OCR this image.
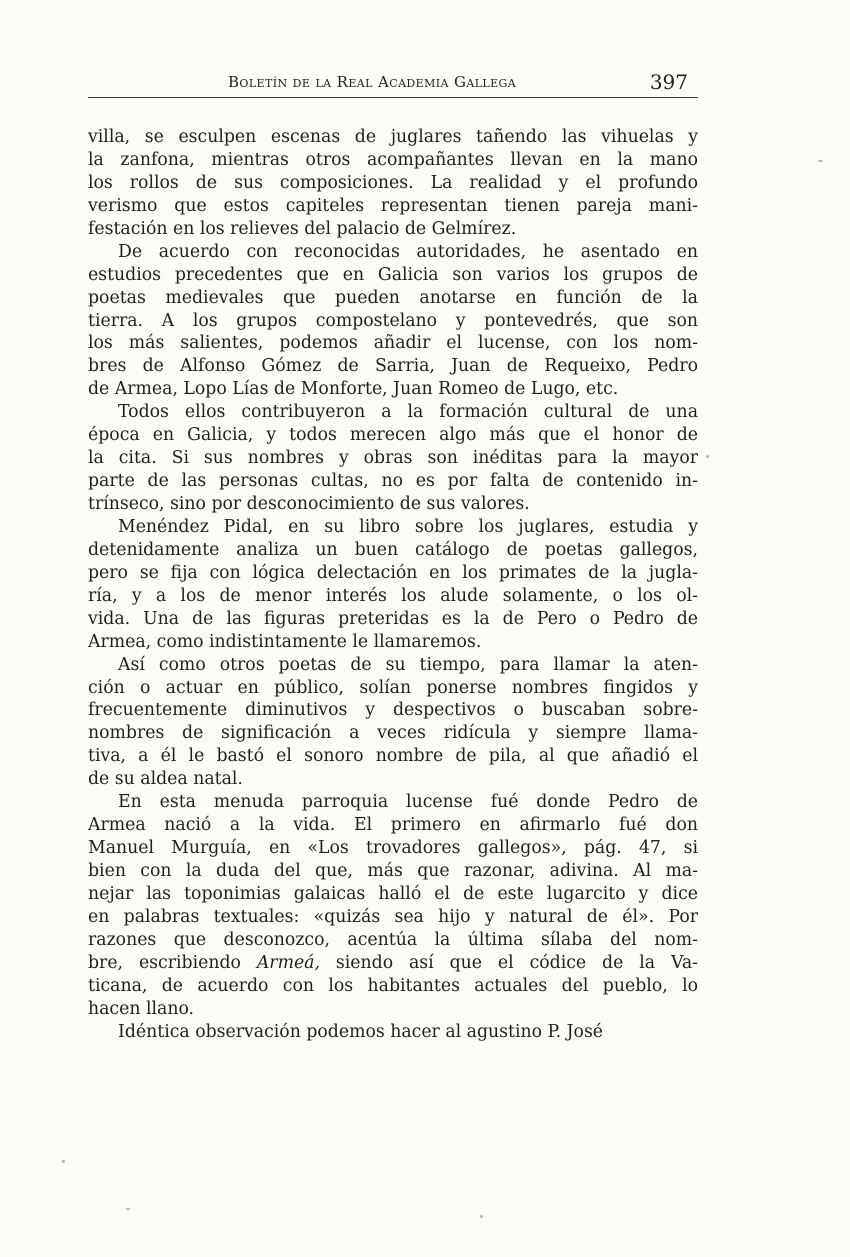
Boletín de la Real Academia Gallega	397
villa, se esculpen escenas de juglares tañendo las vihuelas y
la zanfona, mientras otros acompañantes llevan en la mano
los rollos de sus composiciones. La realidad y el profundo
verismo que estos capiteles representan tienen pareja mani-
festación en los relieves del palacio de Gelmírez.
De acuerdo con reconocidas autoridades, he asentado en
estudios precedentes que en Galicia son varios los grupos de
poetas medievales que pueden anotarse en función de la
tierra. A los grupos compostelano y pontevedrés, que son
los más salientes, podemos añadir el lucense, con los nom-
bres de Alfonso Gómez de Sarria, Juan de Requeixo, Pedro
de Armea, Lopo Lías de Monforte, Juan Romeo de Lugo, etc.
Todos ellos contribuyeron a la formación cultural de una
época en Galicia, y todos merecen algo más que el honor de
la cita. Si sus nombres y obras son inéditas para la mayor
parte de las personas cultas, no es por falta de contenido in-
trínseco, sino por desconocimiento de sus valores.
Menéndez Pidal, en su libro sobre los juglares, estudia y
detenidamente analiza un buen catálogo de poetas gallegos,
pero se fija con lógica delectación en los primates de la jugla-
ría, y a los de menor interés los alude solamente, o los ol-
vida. Una de las figuras preteridas es la de Pero o Pedro de
Armea, como indistintamente le llamaremos.
Así como otros poetas de su tiempo, para llamar la aten-
ción o actuar en público, solían ponerse nombres fingidos y
frecuentemente diminutivos y despectivos o buscaban sobre-
nombres de significación a veces ridícula y siempre llama-
tiva, a él le bastó el sonoro nombre de pila, al que añadió el
de su aldea natal.
En esta menuda parroquia lucense fué donde Pedro de
Armea nació a la vida. El primero en afirmarlo fué don
Manuel Murguía, en «Los trovadores gallegos», pág. 47, si
bien con la duda del que, más que razonar, adivina. Al ma-
nejar las toponimias galaicas halló el de este lugarcito y dice
en palabras textuales: «quizás sea hijo y natural de él». Por
razones que desconozco, acentúa la última sílaba del nom-
bre, escribiendo Armeá, siendo así que el códice de la Va-
ticana, de acuerdo con los habitantes actuales del pueblo, lo
hacen llano.
Idéntica observación podemos hacer al agustino P. José
